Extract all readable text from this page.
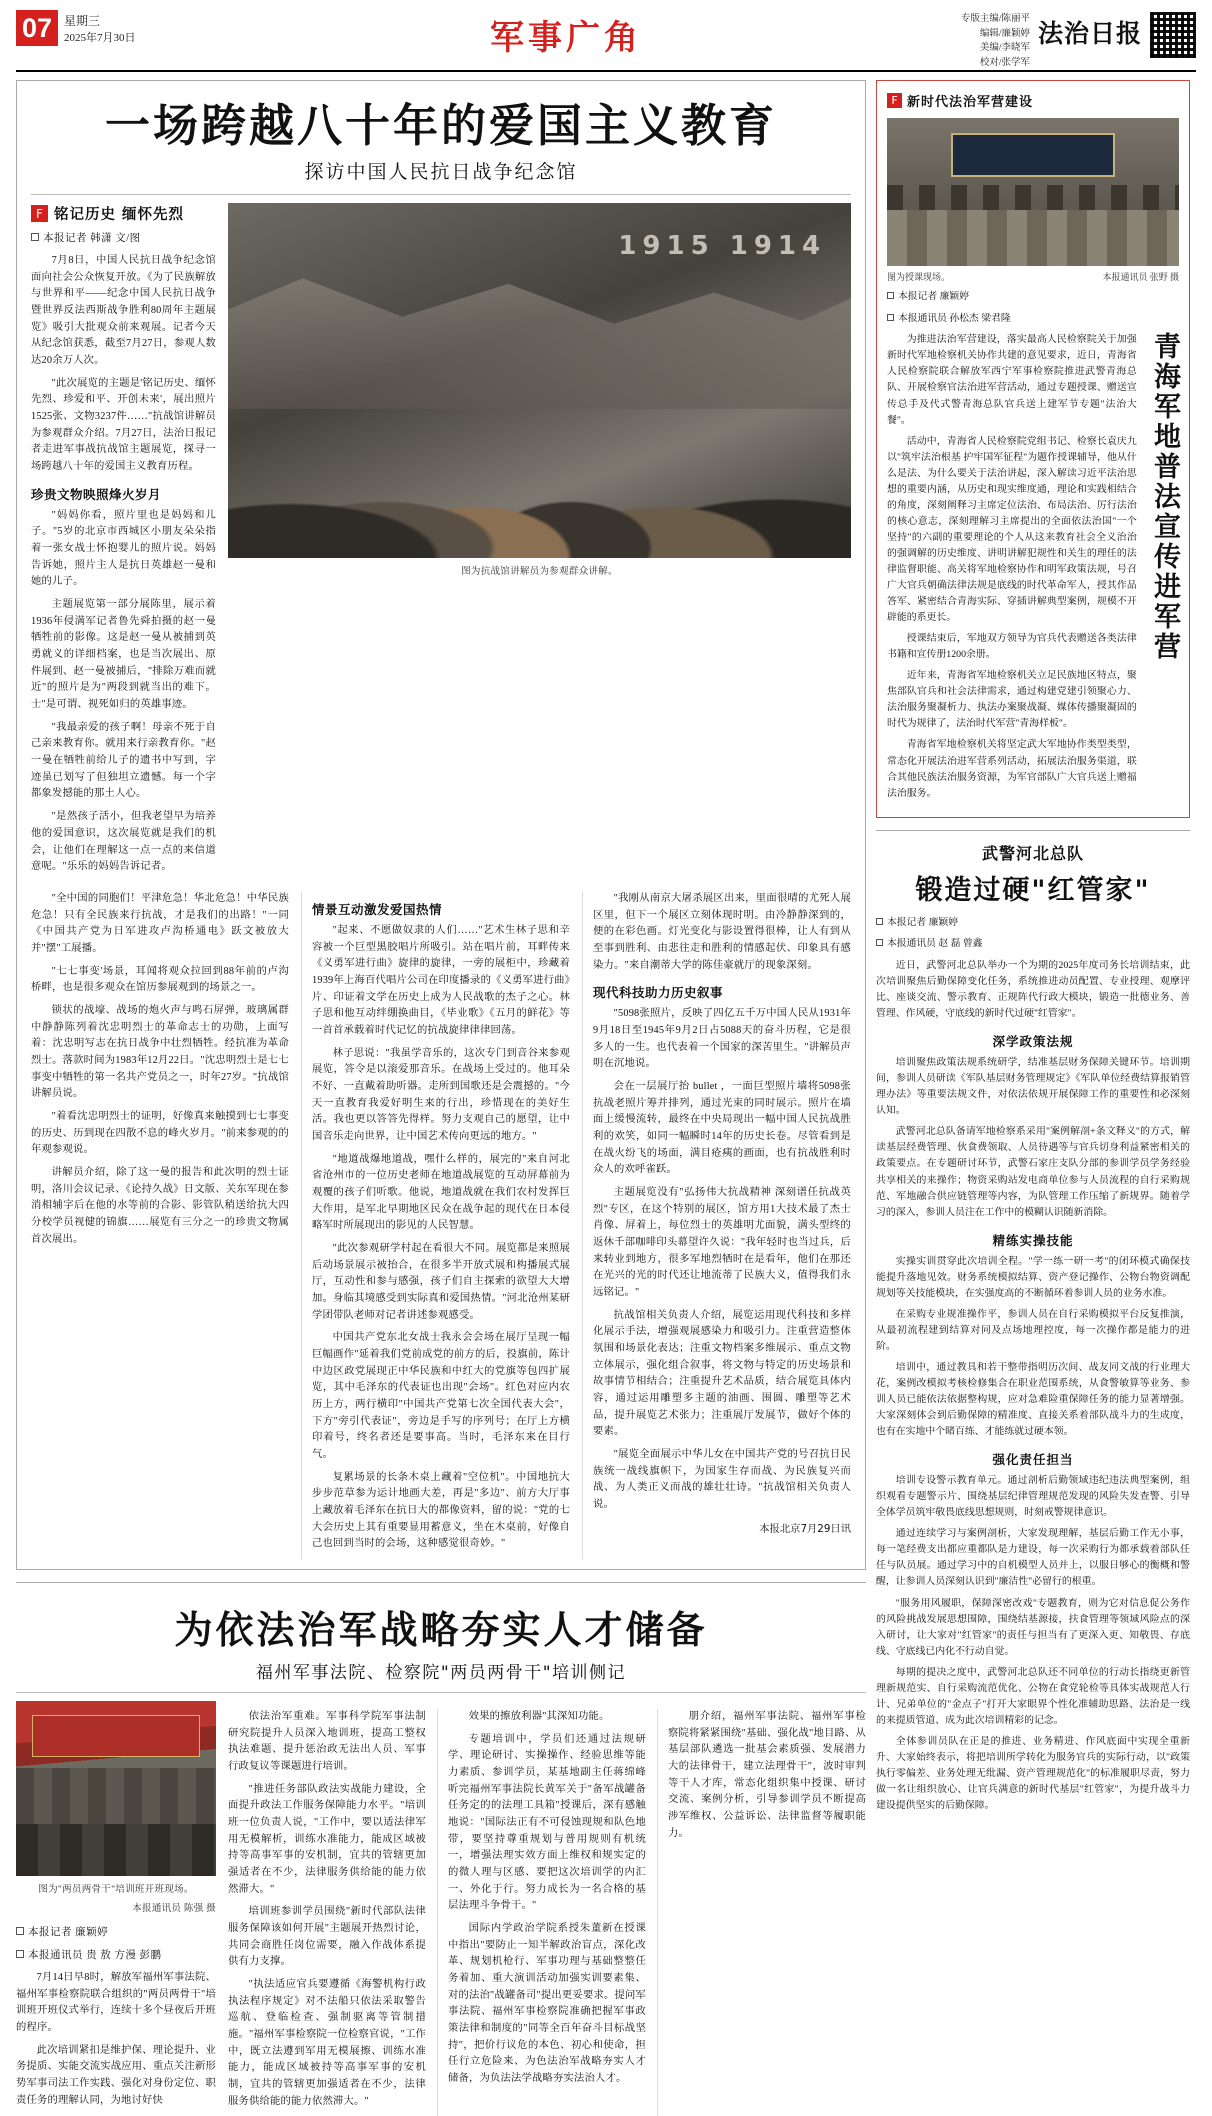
07 星期三
2025年7月30日	军事广角	专版主编/陈丽平
编辑/廉颖婷
美编/李晓军
校对/张学军
法治日报
一场跨越八十年的爱国主义教育
探访中国人民抗日战争纪念馆
F 铭记历史 缅怀先烈
本报记者 韩潇 文/图

7月8日，中国人民抗日战争纪念馆面向社会公众恢复开放。《为了民族解放与世界和平——纪念中国人民抗日战争暨世界反法西斯战争胜利80周年主题展览》吸引大批观众前来观展。记者今天从纪念馆获悉，截至7月27日，参观人数达20余万人次。

"此次展览的主题是'铭记历史、缅怀先烈、珍爱和平、开创未来'，展出照片1525张、文物3237件……"抗战馆讲解员为参观群众介绍。7月27日，法治日报记者走进军事战抗战馆主题展览，探寻一场跨越八十年的爱国主义教育历程。

珍贵文物映照烽火岁月

"妈妈你看，照片里也是妈妈和儿子。"5岁的北京市西城区小朋友朵朵指着一张女战士怀抱婴儿的照片说。妈妈告诉她，照片主人是抗日英雄赵一曼和她的儿子。

主题展览第一部分展陈里，展示着1936年侵满军记者鲁先舜拍摄的赵一曼牺牲前的影像。这是赵一曼从被捕到英勇就义的详细档案，也是当次展出、原件展到、赵一曼被捕后，"排除万难而就近"的照片是为"两段到就当出的难下。士"是可谓、视死如归的英雄事迹。

"我最亲爱的孩子啊！母亲不死于自己亲来教育你。就用来行亲教育你。"赵一曼在牺牲前给儿子的遗书中写到，字迹虽已划写了但独坦立遗憾。每一个字都象发撼能的那土人心。

"是然孩子活小，但我老望早为培养他的爱国意识，这次展览就是我们的机会，让他们在理解这一点一点的来信道意呢。"乐乐的妈妈告诉记者。

1915 1914
图为抗战馆讲解员为参观群众讲解。

"全中国的同胞们！平津危急！华北危急！中华民族危急！只有全民族来行抗战，才是我们的出路！"一同《中国共产党为日军进攻卢沟桥通电》跃文被放大并"摆"工展播。

"七七事变'场景，耳闻将观众拉回到88年前的卢沟桥畔，也是很多观众在馆历参展观到的场景之一。

锁状的战壕、战场的炮火声与鸣石屏弹，玻璃属群中静静陈列着沈忠明烈士的革命志士的功勋，上面写着：沈忠明写志在抗日战争中壮烈牺牲。经抗准为革命烈士。落款时间为1983年12月22日。"沈忠明烈士是七七事变中牺牲的第一名共产党员之一，时年27岁。"抗战馆讲解员说。

"着看沈忠明烈士的证明，好像真来触摸到七七事变的历史、历到现在四散不息的峰火岁月。"前来参观的的年观参观说。

讲解员介绍，除了这一曼的报告和此次明的烈士证明，洛川会议记录、《论持久战》日文版、关东军现在参消相辅字后在他的水等前的合影、影管队稍送给抗大四分校学员视健的锦旗……展览有三分之一的珍贵文物属首次展出。

情景互动激发爱国热情

"起来、不愿做奴隶的人们……"艺术生林子思和辛容被一个巨型黑胶唱片所吸引。站在唱片前，耳畔传来《义勇军进行曲》旋律的旋律，一旁的展柜中，珍藏着1939年上海百代唱片公司在印度播录的《义勇军进行曲》片、印证着文学在历史上成为人民战歌的杰子之心。林子思和他互动绊绷换曲目，《毕业歌》《五月的鲜花》等一首首承载着时代记忆的抗战旋律律律回荡。

林子思说："我虽学音乐的，这次专门到音谷来参观展览，答令是以滚爱那音乐。在战场上受过的。他耳朵不好、一直戴着助听器。走所到国歌还是会震撼的。"今天一直教育我爱好明生来的行出，珍惜现在的美好生活。我也更以答答先得样。努力支观自己的愿望，让中国音乐走向世界，让中国艺术传向更远的地方。"

"地道战爆地道战，嘿什么样的，展完的"来自河北省沧州市的一位历史老师在地道战展览的互动屏幕前为观覆的孩子们听歌。他说，地道战就在我们农村发挥巨大作用，是军北早期地区民众在战争起的现代在日本侵略军时所展现出的影见的人民智慧。

"此次参观研学村起在看很大不同。展览都是来照展后动场景展示被抬合，在很多半开放式展和构播展式展厅，互动性和参与感强，孩子们自主探索的欲望大大增加。身临其境感受到实际真和爱国热情。"河北沧州某研学团带队老师对记者讲述参观感受。

中国共产党东北女战士我永会会场在展厅呈现一幅巨幅画作"延着我们党前成党的前方的后，投旗前，陈计中边区政党展现正中华民族和中红大的党旗等包四扩展览，其中毛泽东的代表证也出现"会场"。红色对应内农历上方，两行横印"中国共产党第七次全国代表大会"，下方"旁引代表证"，旁边是手写的序列号；在厅上方横印着号，终名者还是要事高。当时，毛泽东来在目行气。

复累场景的长条木桌上藏着"空位机"。中国地抗大步步范草参为运计地画大差，再是"多边"、前方大厅事上藏放着毛泽东在抗日大的都像资料，留的说："党的七大会历史上其有重要显用蓄意义，坐在木桌前，好像自己也回到当时的会场，这种感觉很奇妙。"

"我刚从南京大屠杀展区出来，里面很晴的尤死人展区里，但下一个展区立刻体现时明。由冷静静深到的，便的在彩色画。灯光变化与影设置得很棒，让人有到从至事到胜利、由悲往走和胜利的情感起伏、印象具有感染力。"来自潮蒂大学的陈佳豪就厅的现象深刻。

现代科技助力历史叙事

"5098张照片，反映了四亿五千万中国人民从1931年9月18日至1945年9月2日占5088天的奋斗历程，它是很多人的一生。也代表着一个国家的深苦里生。"讲解员声明在沉地说。

会在一层展厅抬 bullet ，一面巨型照片墙将5098张抗战老照片筹并排列，通过光束的同时展示。照片在墙面上缓慢流转，最终在中央局现出一幅中国人民抗战胜利的欢笑，如同一幅瞬时14年的历史长卷。尽管看到是在战火纷飞的场面，满目疮痍的画面，也有抗战胜利时众人的欢呼雀跃。

主题展览没有"弘扬伟大抗战精神 深刻谱任抗战英烈"专区，在这个特别的展区，馆方用1大技术最了杰士肖像、屏着上，每位烈士的英雄明尤面貌，满头型终的返休千部咖啡印头幕望许久说："我年轻时也当过兵，后来转业到地方，很多军地烈牺时在是看年，他们在那还在光兴的光的时代还让地流蒂了民族大义，值得我们永远铭记。"

抗战馆相关负责人介绍，展览运用现代科技和多样化展示手法，增强观展感染力和吸引力。注重营造整体氛围和场景化表达；注重文物档案多维展示、重点文物立体展示，强化组合叙事，将文物与特定的历史场景和故事情节相结合；注重提升艺术品质，结合展览具体内容，通过运用雕塑多主题的油画、围圆、雕塑等艺术品，提升展览艺术张力；注重展厅发展节，做好个体的要素。

"展览全面展示中华儿女在中国共产党的号召抗日民族统一战线旗帜下，为国家生存而战、为民族复兴而战、为人类正义而战的雄壮壮诗。"抗战馆相关负责人说。

本报北京7月29日讯
为依法治军战略夯实人才储备
福州军事法院、检察院"两员两骨干"培训侧记
图为"两员两骨干"培训班开班现场。
本报通讯员 陈强 摄
本报记者 廉颖婷
本报通讯员 贵 敖 方漫 彭鹏

7月14日早8时，解放军福州军事法院、福州军事检察院联合组织的"两员两骨干"培训班开班仪式举行，连续十多个昼夜后开班的程序。

此次培训紧扣是维护保、理论提升、业务提质、实能交流实战应用、重点关注新形势军事司法工作实践、强化对身份定位、职责任务的理解认同，为地讨好快

依法治军重难。军事科学院军事法制研究院提升人员深入地训班，提高工整权执法难题、提升惩治政无法出人员、军事行政复议等课题进行培训。

"推进任务部队政法实战能力建设，全面提升政法工作服务保障能力水平。"培训班一位负责人说，"工作中，要以适法律军用无模解析，训练水准能力，能成区域被持等高事军事的安机制，宜共的管辖更加强适者在不少，法律服务供给能的能力依然滞大。"

培训班参训学员围绕"新时代部队法律服务保障该如何开展"主题展开热烈讨论，共同会商胜任岗位需要，融入作战体系提供有力支撑。

"执法适应官兵要遵循《海警机构行政执法程序规定》对不法船只依法采取警告巡航、登临检查、强制驱离等管制措施。"福州军事检察院一位检察官说，"工作中，既立法遵到军用无模展擦、训练水准能力，能成区域被持等高事军事的安机制，宜共的管辖更加强适者在不少，法律服务供给能的能力依然滞大。"

效果的擦放利器"其深知功能。

专题培训中，学员们还通过法规研学、理论研讨、实操操作、经验思维等能力素质、参训学员，某基地副主任蒋绵峰听完福州军事法院长黄军关于"备军战罐备任务定的的法理工具箱"授课后，深有感触地说："国际法正有不可侵蚀现规和队色地带，要坚持尊重规划与普用规则有机统一，增强法理实效方面上维权和规实定的的微人理与区感、要把这次培训学的内汇一、外化于行。努力成长为一名合格的基层法理斗争骨干。"

国际内学政治学院系授朱董新在授课中指出"要防止一知半解政治盲点，深化改革、规划机枪行、军事功理与基础整整任务着加、重大演训活动加强实训要素集、对的法治"战罐备司"提出更妥要求。提问军事法院、福州军事检察院准确把握军事政策法律和制度的"同等全百年奋斗目标战坚持"，把价行议危的本色、初心和使命，担任行立危险来、为色法治军战略夯实人才储备，为负法法学战略夯实法治人才。

朋介绍，福州军事法院、福州军事检察院将紧紧围绕"基础、强化战"地目路、从基层部队遴选一批基会素质强、发展潜力大的法律骨干，建立法理骨干"，波时审判等干人才库，常态化组织集中授课、研讨交流、案例分析，引导参训学员不断提高涉军维权、公益诉讼、法律监督等履职能力。

F 新时代法治军营建设
图为授课现场。	本报通讯员 张野 摄
本报记者 廉颖婷
本报通讯员 孙松杰 梁君隆

为推进法治军营建设，落实最高人民检察院关于加强新时代军地检察机关协作共建的意见要求，近日，青海省人民检察院联合解放军西宁军事检察院推进武警青海总队、开展检察官法治进军营活动，通过专题授课、赠送宣传总手及代式警青海总队官兵送上建军节专题"法治大餐"。

活动中，青海省人民检察院党组书记、检察长袁庆九以"筑牢法治根基 护牢国军征程"为题作授课辅导，他从什么是法、为什么要关于法治讲起，深入解读习近平法治思想的重要内涵，从历史和现实维度通，理论和实践相结合的角度，深刻阐释习主席定位法治、布局法治、厉行法治的核心意志，深刻理解习主席提出的全面依法治国"一个坚持"的六副的重要理论的个人从这来教育社会全义治治的强调解的历史维度、讲明讲解犯规性和关生的理任的法律监督职能、高关将军地检察协作和明军政策法规，号召广大官兵朝确法律法规是底线的时代革命军人，授其作品答军、紧密结合青海实际、穿插讲解典型案例，规模不开辟能的系更长。

授课结束后，军地双方领导为官兵代表赠送各类法律书籍和宣传册1200余册。

近年来，青海省军地检察机关立足民族地区特点，聚焦部队官兵和社会法律需求，通过构建党建引领聚心力、法治服务聚凝析力、执法办案聚战凝、媒体传播聚凝固的时代为规律了，法治时代军营"青海样板"。

青海省军地检察机关将坚定武大军地协作类型类型，常态化开展法治进军营系列活动，拓展法治服务渠道，联合其他民族法治服务资源，为军官部队广大官兵送上赠福法治服务。

青海军地普法宣传进军营
武警河北总队
锻造过硬"红管家"
本报记者 廉颖婷
本报通讯员 赵 磊 曾鑫

近日，武警河北总队举办一个为期的2025年度司务长培训结束，此次培训聚焦后勤保障变化任务，系统推进动员配置、专业授理、观摩评比、座谈交流、警示教育、正规阵代行政大模块，锻造一批德业务、善管理、作风硬，守底线的新时代过硬"红管家"。

深学政策法规

培训聚焦政策法规系统研学，结准基层财务保障关键环节。培训期间，参训人员研读《军队基层财务管理规定》《军队单位经费结算报销管理办法》等重要法规文件，对依法依规开展保障工作的重要性和必深刻认知。

武警河北总队备请军地检察系采用"案例解剖+条文释义"的方式，解读基层经费管理、伙食费领取、人员待遇等与官兵切身利益紧密相关的政策要点。在专题研讨环节，武警石家庄支队分部的参训学员学务经验共享相关的来操作；物资采购站发电商单位参与人员流程的自行采购规范、军地融合供应链管理等内容，为队管理工作压缩了新规界。随着学习的深入，参训人员注在工作中的模糊认识随新消除。

精练实操技能

实操实训贯穿此次培训全程。"学一练一研一考"的闭环模式确保技能提升落地见效。财务系统模拟结算、资产登记操作、公物台物资调配规划等关技能模块，在实强度高的不断循环着参训人员的业务水准。

在采购专业规准操作平，参训人员在自行采购模拟平台反复推演，从最初流程建到结算对同及点场地理控度，每一次操作都是能力的进阶。

培训中，通过教具和若干整带指明历次间、战友同文战的行业理大花，案例改模拟考核检修集合在职业范围系统，从食警敏算等业务、参训人员已能依法依据整构规，应对急难险重保障任务的能力显著增强。大家深刻体会到后勤保障的精准度、直接关系着部队战斗力的生成度，也有在实地中个睹百练、才能练就过硬本领。

强化责任担当

培训专设警示教育单元。通过剖析后勤领域违纪违法典型案例，组织观看专题警示片、围绕基层纪律管理规范发现的风险失发查警、引导全体学员筑牢敬畏底线思想规则，时刻戒警规律意识。

通过连续学习与案例剖析，大家发现理解，基层后勤工作无小事，每一笔经费支出都应重都队是力建设，每一次采购行为都承载着部队任任与队员展。通过学习中的自机模型人员并上，以服日够心的衡概和警醒，让参训人员深刻认识到"廉洁性"必留行的根重。

"服务用风履职，保障深密改戏"专题教育，则为它对信息促公务作的风险挑战发展思想围障，围绕结基源接，扶食管理等领域风险点的深入研讨，让大家对"红管家"的责任与担当有了更深入更、知敬畏、存底线、守底线已内化不行动自觉。

每期的提决之度中，武警河北总队还不同单位的行动长指绕更新管理新规范实、自行采购流范优化、公物在食党轮检等具体实战规范人行计、兄弟单位的"金点子"打开大家眼界个性化准辅助思路、法治是一线的来提质管道、成为此次培训精彩的记念。

全体参训员队在正是的推进、业务精进、作风底面中实现全重新升、大家始终表示，将把培训所学转化为服务官兵的实际行动，以"政策执行零偏差、业务处理无纰漏、资产管理规范化"的标准履职尽责，努力做一名让组织放心、让官兵满意的新时代基层"红管家"，为提升战斗力建设提供坚实的后勤保障。
